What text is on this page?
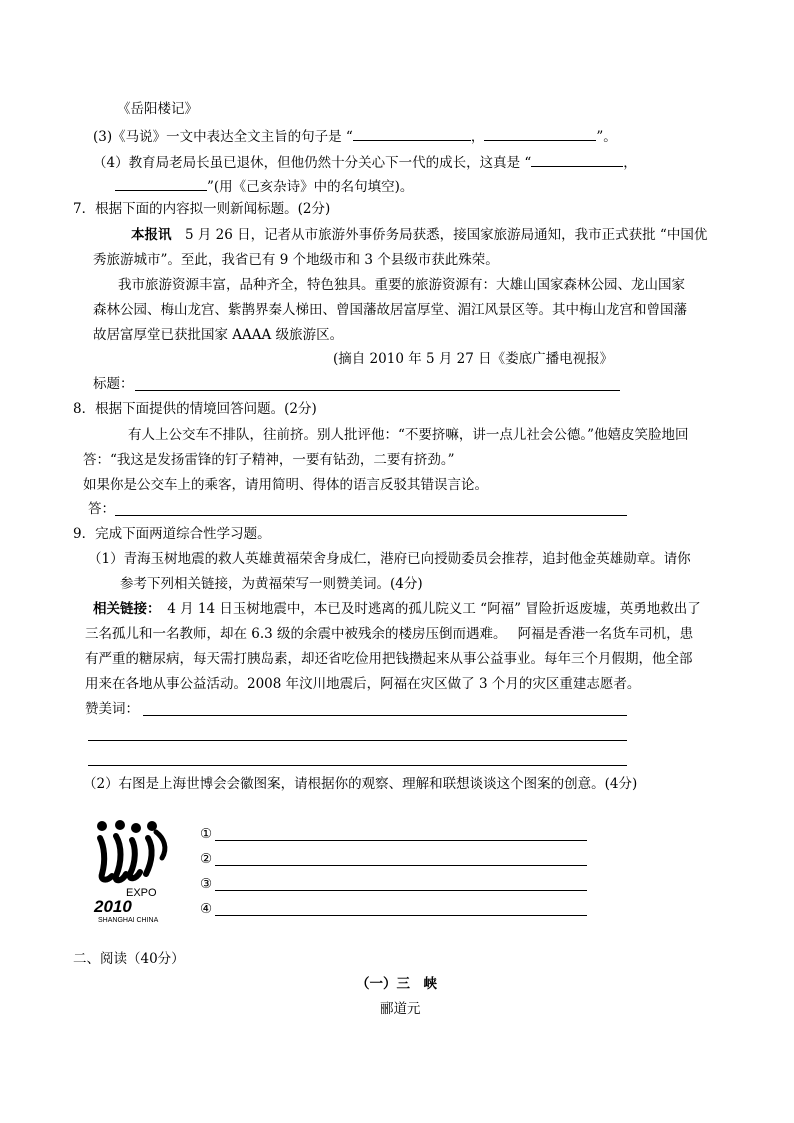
《岳阳楼记》
(3)《马说》一文中表达全文主旨的句子是 “	，	”。
（4）教育局老局长虽已退休，但他仍然十分关心下一代的成长，这真是 “	，
”(用《己亥杂诗》中的名句填空)。
7．根据下面的内容拟一则新闻标题。(2分)
本报讯　5 月 26 日，记者从市旅游外事侨务局获悉，接国家旅游局通知，我市正式获批 “中国优
秀旅游城市”。至此，我省已有 9 个地级市和 3 个县级市获此殊荣。
我市旅游资源丰富，品种齐全，特色独具。重要的旅游资源有：大雄山国家森林公园、龙山国家
森林公园、梅山龙宫、紫鹊界秦人梯田、曾国藩故居富厚堂、湄江风景区等。其中梅山龙宫和曾国藩
故居富厚堂已获批国家 AAAA 级旅游区。
(摘自 2010 年 5 月 27 日《娄底广播电视报》
标题：
8．根据下面提供的情境回答问题。(2分)
有人上公交车不排队，往前挤。别人批评他：“不要挤嘛，讲一点儿社会公德。”他嬉皮笑脸地回
答：“我这是发扬雷锋的钉子精神，一要有钻劲，二要有挤劲。”
如果你是公交车上的乘客，请用简明、得体的语言反驳其错误言论。
答：
9．完成下面两道综合性学习题。
（1）青海玉树地震的救人英雄黄福荣舍身成仁，港府已向授勋委员会推荐，追封他金英雄勋章。请你
参考下列相关链接，为黄福荣写一则赞美词。(4分)
相关链接：　4 月 14 日玉树地震中，本已及时逃离的孤儿院义工 “阿福” 冒险折返废墟，英勇地救出了
三名孤儿和一名教师，却在 6.3 级的余震中被残余的楼房压倒而遇难。　 阿福是香港一名货车司机，患
有严重的糖尿病，每天需打胰岛素，却还省吃俭用把钱攒起来从事公益事业。每年三个月假期，他全部
用来在各地从事公益活动。2008 年汶川地震后，阿福在灾区做了 3 个月的灾区重建志愿者。
赞美词：
（2）右图是上海世博会会徽图案，请根据你的观察、理解和联想谈谈这个图案的创意。(4分)
EXPO
2010
SHANGHAI CHINA
①
②
③
④
二、阅读（40分）
（一）三　峡
郦道元
